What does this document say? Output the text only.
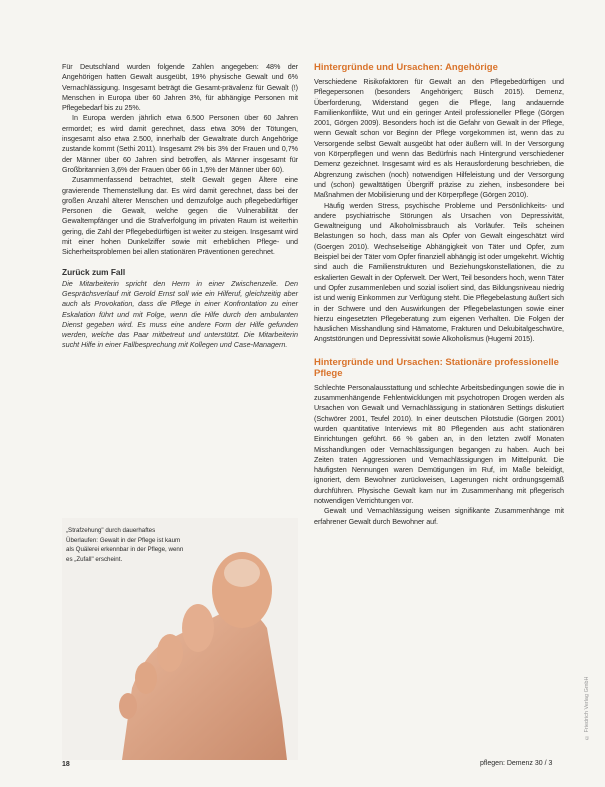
Für Deutschland wurden folgende Zahlen angegeben: 48% der Angehörigen hatten Gewalt ausgeübt, 19% physische Gewalt und 6% Vernachlässigung. Insgesamt beträgt die Gesamt-prävalenz für Gewalt (!) Menschen in Europa über 60 Jahren 3%, für abhängige Personen mit Pflegebedarf bis zu 25%.

In Europa werden jährlich etwa 6.500 Personen über 60 Jahren ermordet; es wird damit gerechnet, dass etwa 30% der Tötungen, insgesamt also etwa 2.500, innerhalb der Gewaltrate durch Angehörige zustande kommt (Sethi 2011). Insgesamt 2% bis 3% der Frauen und 0,7% der Männer über 60 Jahren sind betroffen, als Männer insgesamt für Großbritannien 3,6% der Frauen über 66 in 1,5% der Männer über 60).

Zusammenfassend betrachtet, stellt Gewalt gegen Ältere eine gravierende Themenstellung dar. Es wird damit gerechnet, dass bei der großen Anzahl älterer Menschen und demzufolge auch pflegebedürftiger Personen die Gewalt, welche gegen die Vulnerabilität der Gewaltempfänger und die Strafverfolgung im privaten Raum ist weiterhin gering, die Zahl der Pflegebedürftigen ist weiter zu steigen. Insgesamt wird mit einer hohen Dunkelziffer sowie mit erheblichen Pflege- und Sicherheitsproblemen bei allen stationären Präventionen gerechnet.

Zurück zum Fall

Die Mitarbeiterin spricht den Herrn in einer Zwischenzeile. Den Gesprächsverlauf mit Gerold Ernst soll wie ein Hilferuf, gleichzeitig aber auch als Provokation, dass die Pflege in einer Konfrontation zu einer Eskalation führt und mit Folge, wenn die Hilfe durch den ambulanten Dienst gegeben wird. Es muss eine andere Form der Hilfe gefunden werden, welche das Paar mitbetreut und unterstützt. Die Mitarbeiterin sucht Hilfe in einer Fallbesprechung mit Kollegen und Case-Managern.

„Strafzehung" durch dauerhaftes Überlaufen: Gewalt in der Pflege ist kaum als Quälerei erkennbar in der Pflege, wenn es „Zufall" erscheint.
Hintergründe und Ursachen: Angehörige

Verschiedene Risikofaktoren für Gewalt an den Pflegebedürftigen und Pflegepersonen (besonders Angehörigen; Büsch 2015). Demenz, Überforderung, Widerstand gegen die Pflege, lang andauernde Familienkonflikte, Wut und ein geringer Anteil professioneller Pflege (Görgen 2001, Görgen 2009). Besonders hoch ist die Gefahr von Gewalt in der Pflege, wenn Gewalt schon vor Beginn der Pflege vorgekommen ist, wenn das zu Versorgende selbst Gewalt ausgeübt hat oder äußern will. In der Versorgung von Körperpflegen und wenn das Bedürfnis nach Hintergrund verschiedener Demenz gezeichnet. Insgesamt wird es als Herausforderung beschrieben, die Abgrenzung zwischen (noch) notwendigen Hilfeleistung und der Versorgung und (schon) gewalttätigen Übergriff präzise zu ziehen, insbesondere bei Maßnahmen der Mobilisierung und der Körperpflege (Görgen 2010).

Häufig werden Stress, psychische Probleme und Persönlichkeits- und andere psychiatrische Störungen als Ursachen von Depressivität, Gewaltneigung und Alkoholmissbrauch als Vorläufer. Teils scheinen Belastungen so hoch, dass man als Opfer von Gewalt eingeschätzt wird (Goergen 2010). Wechselseitige Abhängigkeit von Täter und Opfer, zum Beispiel bei der Täter vom Opfer finanziell abhängig ist oder umgekehrt. Wichtig sind auch die Familienstrukturen und Beziehungskonstellationen, die zu eskalierten Gewalt in der Opferwelt. Der Wert, Teil besonders hoch, wenn Täter und Opfer zusammenleben und sozial isoliert sind, das Bildungsniveau niedrig ist und wenig Einkommen zur Verfügung steht. Die Pflegebelastung äußert sich in der Schwere und den Auswirkungen der Pflegebelastungen sowie einer hierzu eingesetzten Pflegeberatung zum eigenen Verhalten. Die Folgen der häuslichen Misshandlung sind Hämatome, Frakturen und Dekubitalgeschwüre, Angststörungen und Depressivität sowie Alkoholismus (Hugemi 2015).

Hintergründe und Ursachen: Stationäre professionelle Pflege

Schlechte Personalausstattung und schlechte Arbeitsbedingungen sowie die in zusammenhängende Fehlentwicklungen mit psychotropen Drogen werden als Ursachen von Gewalt und Vernachlässigung in stationären Settings diskutiert (Schwörer 2001, Teufel 2010). In einer deutschen Pilotstudie (Görgen 2001) wurden quantitative Interviews mit 80 Pflegenden aus acht stationären Einrichtungen geführt. 66 % gaben an, in den letzten zwölf Monaten Misshandlungen oder Vernachlässigungen begangen zu haben. Auch bei Zeiten traten Aggressionen und Vernachlässigungen im Mittelpunkt. Die häufigsten Nennungen waren Demütigungen im Ruf, im Maße beleidigt, ignoriert, dem Bewohner zurückweisen, Lagerungen nicht ordnungsgemäß durchführen. Physische Gewalt kam nur im Zusammenhang mit pflegerisch notwendigen Verrichtungen vor.

Gewalt und Vernachlässigung weisen signifikante Zusammenhänge mit erfahrener Gewalt durch Bewohner auf.

18	pflegen: Demenz 30 / 3
© Friedrich Verlag GmbH
